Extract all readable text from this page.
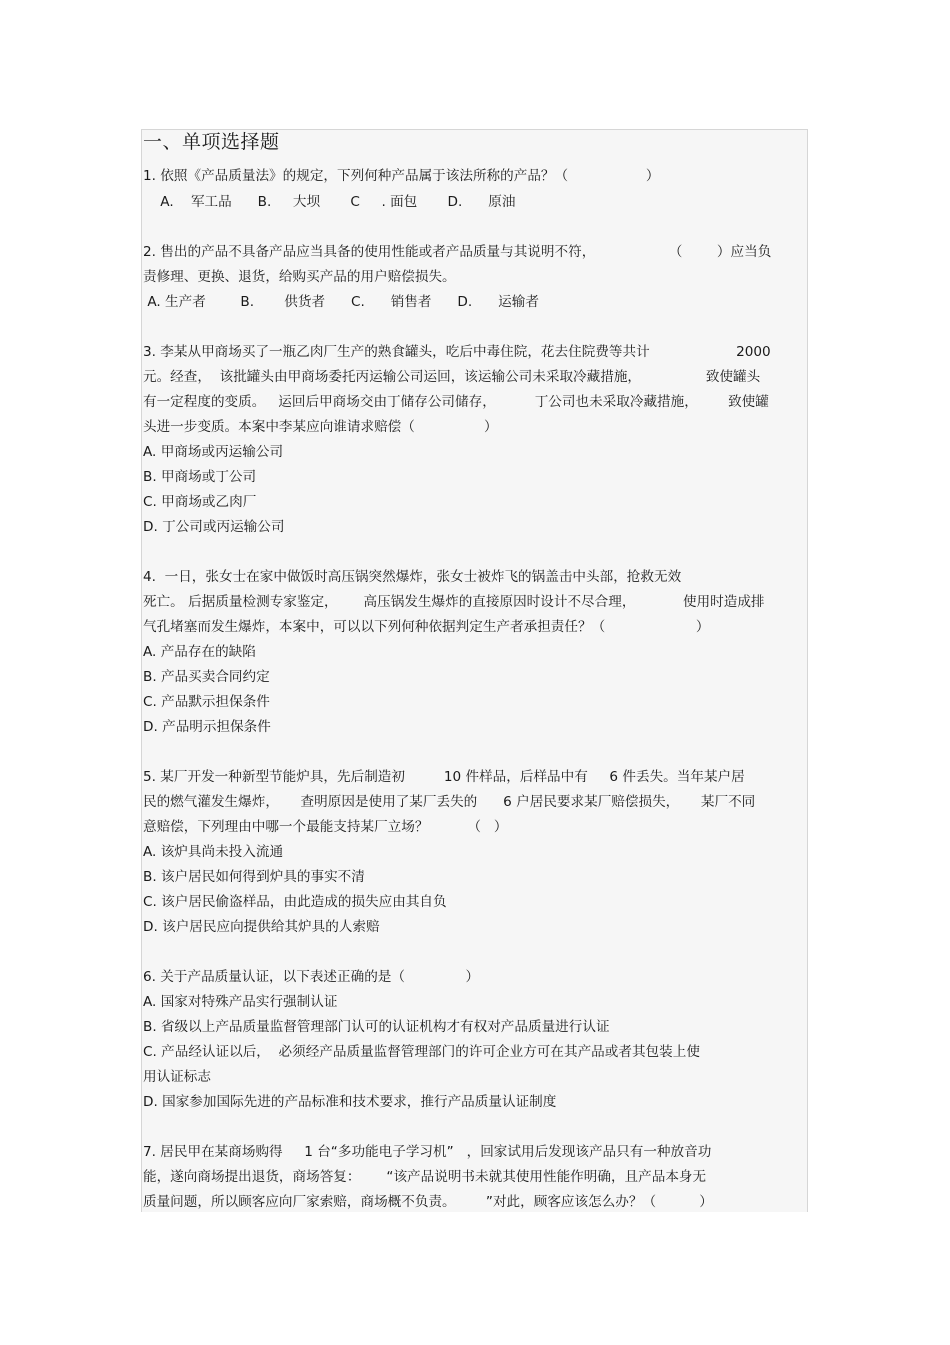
一、单项选择题
1. 依照《产品质量法》的规定，下列何种产品属于该法所称的产品？（                  ）
A.    军工品      B.     大坝       C     . 面包       D.      原油
2. 售出的产品不具备产品应当具备的使用性能或者产品质量与其说明不符，                 （        ）应当负
责修理、更换、退货，给购买产品的用户赔偿损失。
A. 生产者        B.       供货者      C.      销售者      D.      运输者
3. 李某从甲商场买了一瓶乙肉厂生产的熟食罐头，吃后中毒住院，花去住院费等共计                    2000
元。经查，  该批罐头由甲商场委托丙运输公司运回，该运输公司未采取冷藏措施，               致使罐头
有一定程度的变质。   运回后甲商场交由丁储存公司储存，         丁公司也未采取冷藏措施，       致使罐
头进一步变质。本案中李某应向谁请求赔偿（                ）
A. 甲商场或丙运输公司
B. 甲商场或丁公司
C. 甲商场或乙肉厂
D. 丁公司或丙运输公司
4.  一日，张女士在家中做饭时高压锅突然爆炸，张女士被炸飞的锅盖击中头部，抢救无效
死亡。 后据质量检测专家鉴定，      高压锅发生爆炸的直接原因时设计不尽合理，           使用时造成排
气孔堵塞而发生爆炸，本案中，可以以下列何种依据判定生产者承担责任？（                     ）
A. 产品存在的缺陷
B. 产品买卖合同约定
C. 产品默示担保条件
D. 产品明示担保条件
5. 某厂开发一种新型节能炉具，先后制造初         10 件样品，后样品中有     6 件丢失。当年某户居
民的燃气灌发生爆炸，     查明原因是使用了某厂丢失的      6 户居民要求某厂赔偿损失，     某厂不同
意赔偿，下列理由中哪一个最能支持某厂立场？         （   ）
A. 该炉具尚未投入流通
B. 该户居民如何得到炉具的事实不清
C. 该户居民偷盗样品，由此造成的损失应由其自负
D. 该户居民应向提供给其炉具的人索赔
6. 关于产品质量认证，以下表述正确的是（              ）
A. 国家对特殊产品实行强制认证
B. 省级以上产品质量监督管理部门认可的认证机构才有权对产品质量进行认证
C. 产品经认证以后，  必须经产品质量监督管理部门的许可企业方可在其产品或者其包装上使
用认证标志
D. 国家参加国际先进的产品标准和技术要求，推行产品质量认证制度
7. 居民甲在某商场购得     1 台“多功能电子学习机”   ，回家试用后发现该产品只有一种放音功
能，遂向商场提出退货，商场答复：      “该产品说明书未就其使用性能作明确，且产品本身无
质量问题，所以顾客应向厂家索赔，商场概不负责。       ”对此，顾客应该怎么办？（          ）
